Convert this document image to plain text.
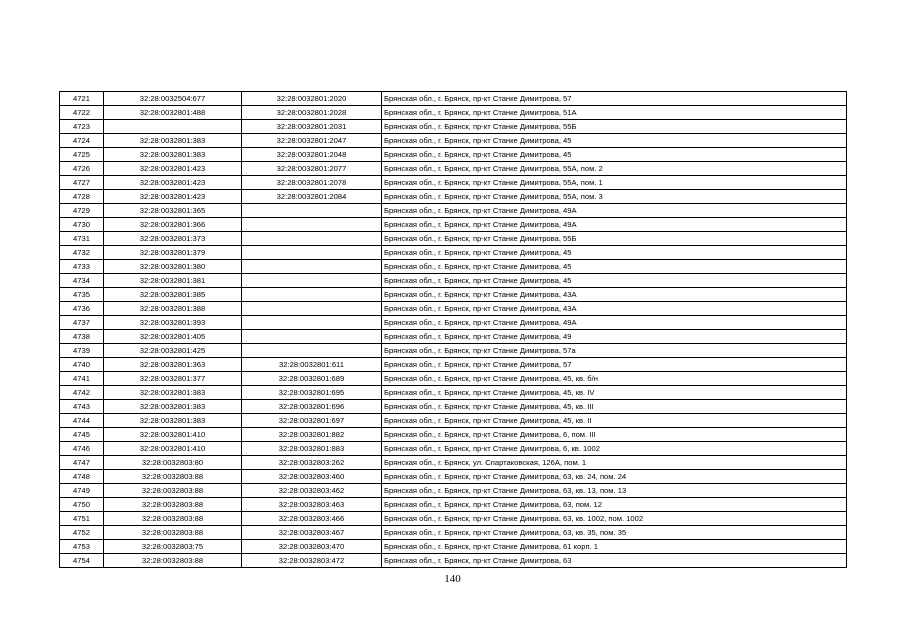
4721	32:28:0032504:677	32:28:0032801:2020	Брянская обл., г. Брянск, пр-кт Станке Димитрова, 57
4722	32:28:0032801:488	32:28:0032801:2028	Брянская обл., г. Брянск, пр-кт Станке Димитрова, 51А
4723		32:28:0032801:2031	Брянская обл., г. Брянск, пр-кт Станке Димитрова, 55Б
4724	32:28:0032801:383	32:28:0032801:2047	Брянская обл., г. Брянск, пр-кт Станке Димитрова, 45
4725	32:28:0032801:383	32:28:0032801:2048	Брянская обл., г. Брянск, пр-кт Станке Димитрова, 45
4726	32:28:0032801:423	32:28:0032801:2077	Брянская обл., г. Брянск, пр-кт Станке Димитрова, 55А, пом. 2
4727	32:28:0032801:423	32:28:0032801:2078	Брянская обл., г. Брянск, пр-кт Станке Димитрова, 55А, пом. 1
4728	32:28:0032801:423	32:28:0032801:2084	Брянская обл., г. Брянск, пр-кт Станке Димитрова, 55А, пом. 3
4729	32:28:0032801:365		Брянская обл., г. Брянск, пр-кт Станке Димитрова, 49А
4730	32:28:0032801:366		Брянская обл., г. Брянск, пр-кт Станке Димитрова, 49А
4731	32:28:0032801:373		Брянская обл., г. Брянск, пр-кт Станке Димитрова, 55Б
4732	32:28:0032801:379		Брянская обл., г. Брянск, пр-кт Станке Димитрова, 45
4733	32:28:0032801:380		Брянская обл., г. Брянск, пр-кт Станке Димитрова, 45
4734	32:28:0032801:381		Брянская обл., г. Брянск, пр-кт Станке Димитрова, 45
4735	32:28:0032801:385		Брянская обл., г. Брянск, пр-кт Станке Димитрова, 43А
4736	32:28:0032801:388		Брянская обл., г. Брянск, пр-кт Станке Димитрова, 43А
4737	32:28:0032801:393		Брянская обл., г. Брянск, пр-кт Станке Димитрова, 49А
4738	32:28:0032801:405		Брянская обл., г. Брянск, пр-кт Станке Димитрова, 49
4739	32:28:0032801:425		Брянская обл., г. Брянск, пр-кт Станке Димитрова, 57а
4740	32:28:0032801:363	32:28:0032801:611	Брянская обл., г. Брянск, пр-кт Станке Димитрова, 57
4741	32:28:0032801:377	32:28:0032801:689	Брянская обл., г. Брянск, пр-кт Станке Димитрова, 45, кв. б/н
4742	32:28:0032801:383	32:28:0032801:695	Брянская обл., г. Брянск, пр-кт Станке Димитрова, 45, кв. IV
4743	32:28:0032801:383	32:28:0032801:696	Брянская обл., г. Брянск, пр-кт Станке Димитрова, 45, кв. III
4744	32:28:0032801:383	32:28:0032801:697	Брянская обл., г. Брянск, пр-кт Станке Димитрова, 45, кв. II
4745	32:28:0032801:410	32:28:0032801:882	Брянская обл., г. Брянск, пр-кт Станке Димитрова, 6, пом. III
4746	32:28:0032801:410	32:28:0032801:883	Брянская обл., г. Брянск, пр-кт Станке Димитрова, 6, кв. 1002
4747	32:28:0032803:80	32:28:0032803:262	Брянская обл., г. Брянск, ул. Спартаковская, 126А, пом. 1
4748	32:28:0032803:88	32:28:0032803:460	Брянская обл., г. Брянск, пр-кт Станке Димитрова, 63, кв. 24, пом. 24
4749	32:28:0032803:88	32:28:0032803:462	Брянская обл., г. Брянск, пр-кт Станке Димитрова, 63, кв. 13, пом. 13
4750	32:28:0032803:88	32:28:0032803:463	Брянская обл., г. Брянск, пр-кт Станке Димитрова, 63, пом. 12
4751	32:28:0032803:88	32:28:0032803:466	Брянская обл., г. Брянск, пр-кт Станке Димитрова, 63, кв. 1002, пом. 1002
4752	32:28:0032803:88	32:28:0032803:467	Брянская обл., г. Брянск, пр-кт Станке Димитрова, 63, кв. 35, пом. 35
4753	32:28:0032803:75	32:28:0032803:470	Брянская обл., г. Брянск, пр-кт Станке Димитрова, 61 корп. 1
4754	32:28:0032803:88	32:28:0032803:472	Брянская обл., г. Брянск, пр-кт Станке Димитрова, 63
140
